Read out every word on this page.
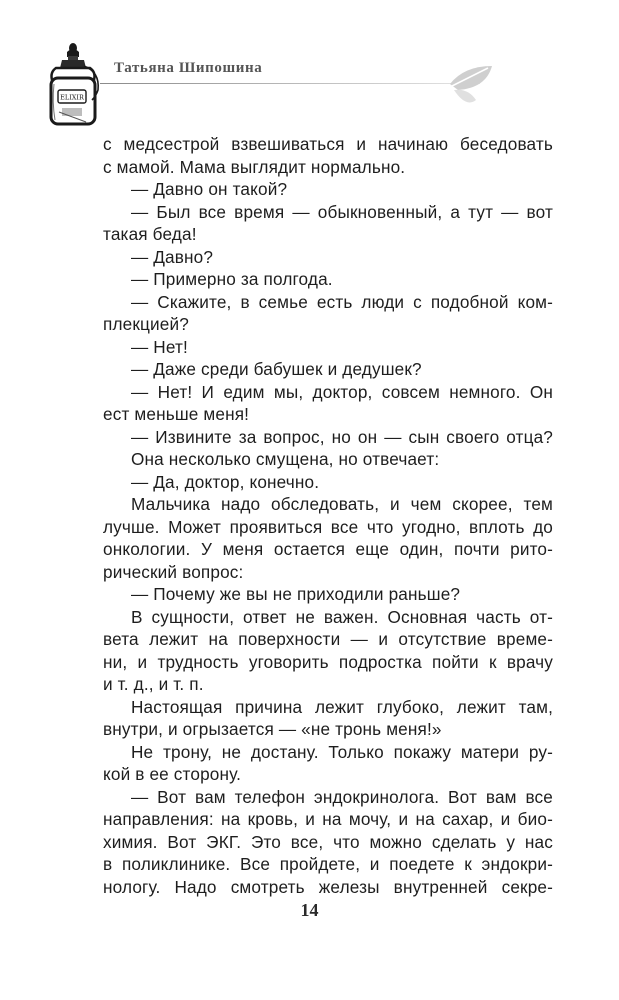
ELIXIR
Татьяна Шипошина
с медсестрой взвешиваться и начинаю беседовать
с мамой. Мама выглядит нормально.
— Давно он такой?
— Был все время — обыкновенный, а тут — вот
такая беда!
— Давно?
— Примерно за полгода.
— Скажите, в семье есть люди с подобной ком-
плекцией?
— Нет!
— Даже среди бабушек и дедушек?
— Нет! И едим мы, доктор, совсем немного. Он
ест меньше меня!
— Извините за вопрос, но он — сын своего отца?
Она несколько смущена, но отвечает:
— Да, доктор, конечно.
Мальчика надо обследовать, и чем скорее, тем
лучше. Может проявиться все что угодно, вплоть до
онкологии. У меня остается еще один, почти рито-
рический вопрос:
— Почему же вы не приходили раньше?
В сущности, ответ не важен. Основная часть от-
вета лежит на поверхности — и отсутствие време-
ни, и трудность уговорить подростка пойти к врачу
и т. д., и т. п.
Настоящая причина лежит глубоко, лежит там,
внутри, и огрызается — «не тронь меня!»
Не трону, не достану. Только покажу матери ру-
кой в ее сторону.
— Вот вам телефон эндокринолога. Вот вам все
направления: на кровь, и на мочу, и на сахар, и био-
химия. Вот ЭКГ. Это все, что можно сделать у нас
в поликлинике. Все пройдете, и поедете к эндокри-
нологу. Надо смотреть железы внутренней секре-
14
